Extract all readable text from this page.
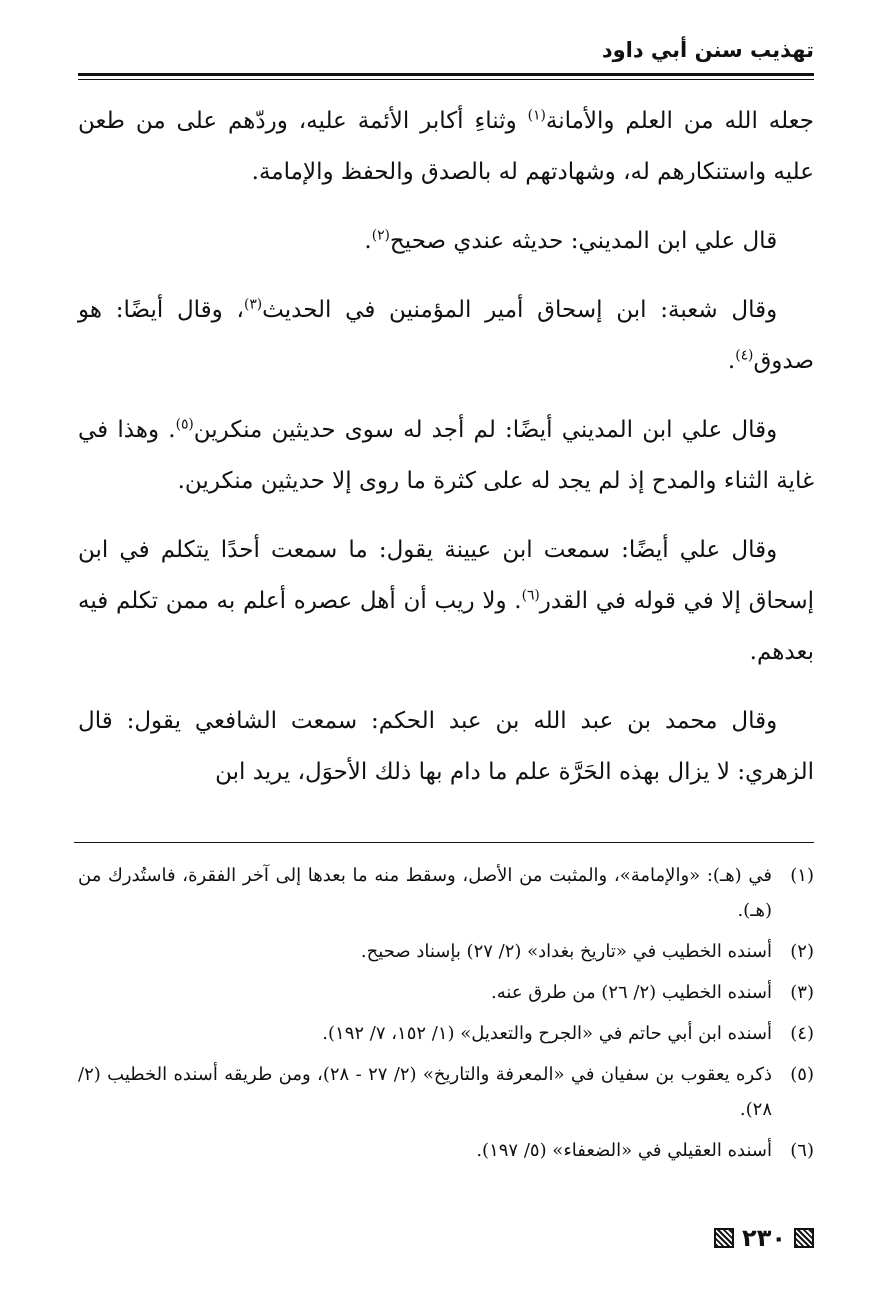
تهذيب سنن أبي داود

جعله الله من العلم والأمانة$^{(١)}$ وثناءِ أكابر الأئمة عليه، وردّهم على من طعن عليه واستنكارهم له، وشهادتهم له بالصدق والحفظ والإمامة.

قال علي ابن المديني: حديثه عندي صحيح$^{(٢)}$.

وقال شعبة: ابن إسحاق أمير المؤمنين في الحديث$^{(٣)}$، وقال أيضًا: هو صدوق$^{(٤)}$.

وقال علي ابن المديني أيضًا: لم أجد له سوى حديثين منكرين$^{(٥)}$. وهذا في غاية الثناء والمدح إذ لم يجد له على كثرة ما روى إلا حديثين منكرين.

وقال علي أيضًا: سمعت ابن عيينة يقول: ما سمعت أحدًا يتكلم في ابن إسحاق إلا في قوله في القدر$^{(٦)}$. ولا ريب أن أهل عصره أعلم به ممن تكلم فيه بعدهم.

وقال محمد بن عبد الله بن عبد الحكم: سمعت الشافعي يقول: قال الزهري: لا يزال بهذه الحَرَّة علم ما دام بها ذلك الأحوَل، يريد ابن

(١)
في (هـ): «والإمامة»، والمثبت من الأصل، وسقط منه ما بعدها إلى آخر الفقرة، فاستُدرك من (هـ).
(٢)
أسنده الخطيب في «تاريخ بغداد» (٢/ ٢٧) بإسناد صحيح.
(٣)
أسنده الخطيب (٢/ ٢٦) من طرق عنه.
(٤)
أسنده ابن أبي حاتم في «الجرح والتعديل» (١/ ١٥٢، ٧/ ١٩٢).
(٥)
ذكره يعقوب بن سفيان في «المعرفة والتاريخ» (٢/ ٢٧ - ٢٨)، ومن طريقه أسنده الخطيب (٢/ ٢٨).
(٦)
أسنده العقيلي في «الضعفاء» (٥/ ١٩٧).
٢٣٠
